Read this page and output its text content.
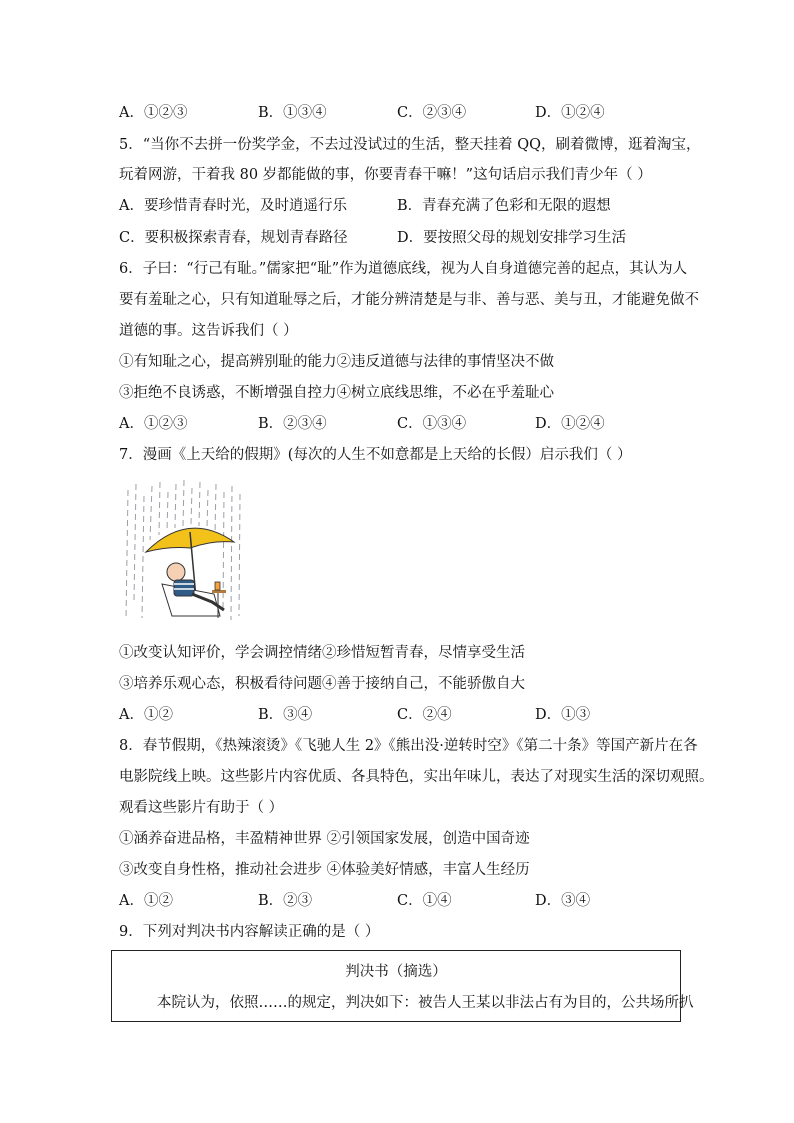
A．①②③	B．①③④	C．②③④	D．①②④
5．“当你不去拼一份奖学金，不去过没试过的生活，整天挂着 QQ，刷着微博，逛着淘宝，
玩着网游，干着我 80 岁都能做的事，你要青春干嘛！”这句话启示我们青少年（ ）
A．要珍惜青春时光，及时逍遥行乐	B．青春充满了色彩和无限的遐想
C．要积极探索青春，规划青春路径	D．要按照父母的规划安排学习生活
6．子曰：“行己有耻。”儒家把“耻”作为道德底线，视为人自身道德完善的起点，其认为人
要有羞耻之心，只有知道耻辱之后，才能分辨清楚是与非、善与恶、美与丑，才能避免做不
道德的事。这告诉我们（ ）
①有知耻之心，提高辨别耻的能力②违反道德与法律的事情坚决不做
③拒绝不良诱惑，不断增强自控力④树立底线思维，不必在乎羞耻心
A．①②③	B．②③④	C．①③④	D．①②④
7．漫画《上天给的假期》(每次的人生不如意都是上天给的长假）启示我们（ ）
①改变认知评价，学会调控情绪②珍惜短暂青春，尽情享受生活
③培养乐观心态，积极看待问题④善于接纳自己，不能骄傲自大
A．①②	B．③④	C．②④	D．①③
8．春节假期，《热辣滚烫》《飞驰人生 2》《熊出没·逆转时空》《第二十条》等国产新片在各
电影院线上映。这些影片内容优质、各具特色，实出年味儿，表达了对现实生活的深切观照。
观看这些影片有助于（ ）
①涵养奋进品格，丰盈精神世界 ②引领国家发展，创造中国奇迹
③改变自身性格，推动社会进步 ④体验美好情感，丰富人生经历
A．①②	B．②③	C．①④	D．③④
9．下列对判决书内容解读正确的是（ ）
判决书（摘选）
本院认为，依照……的规定，判决如下：被告人王某以非法占有为目的，公共场所扒
